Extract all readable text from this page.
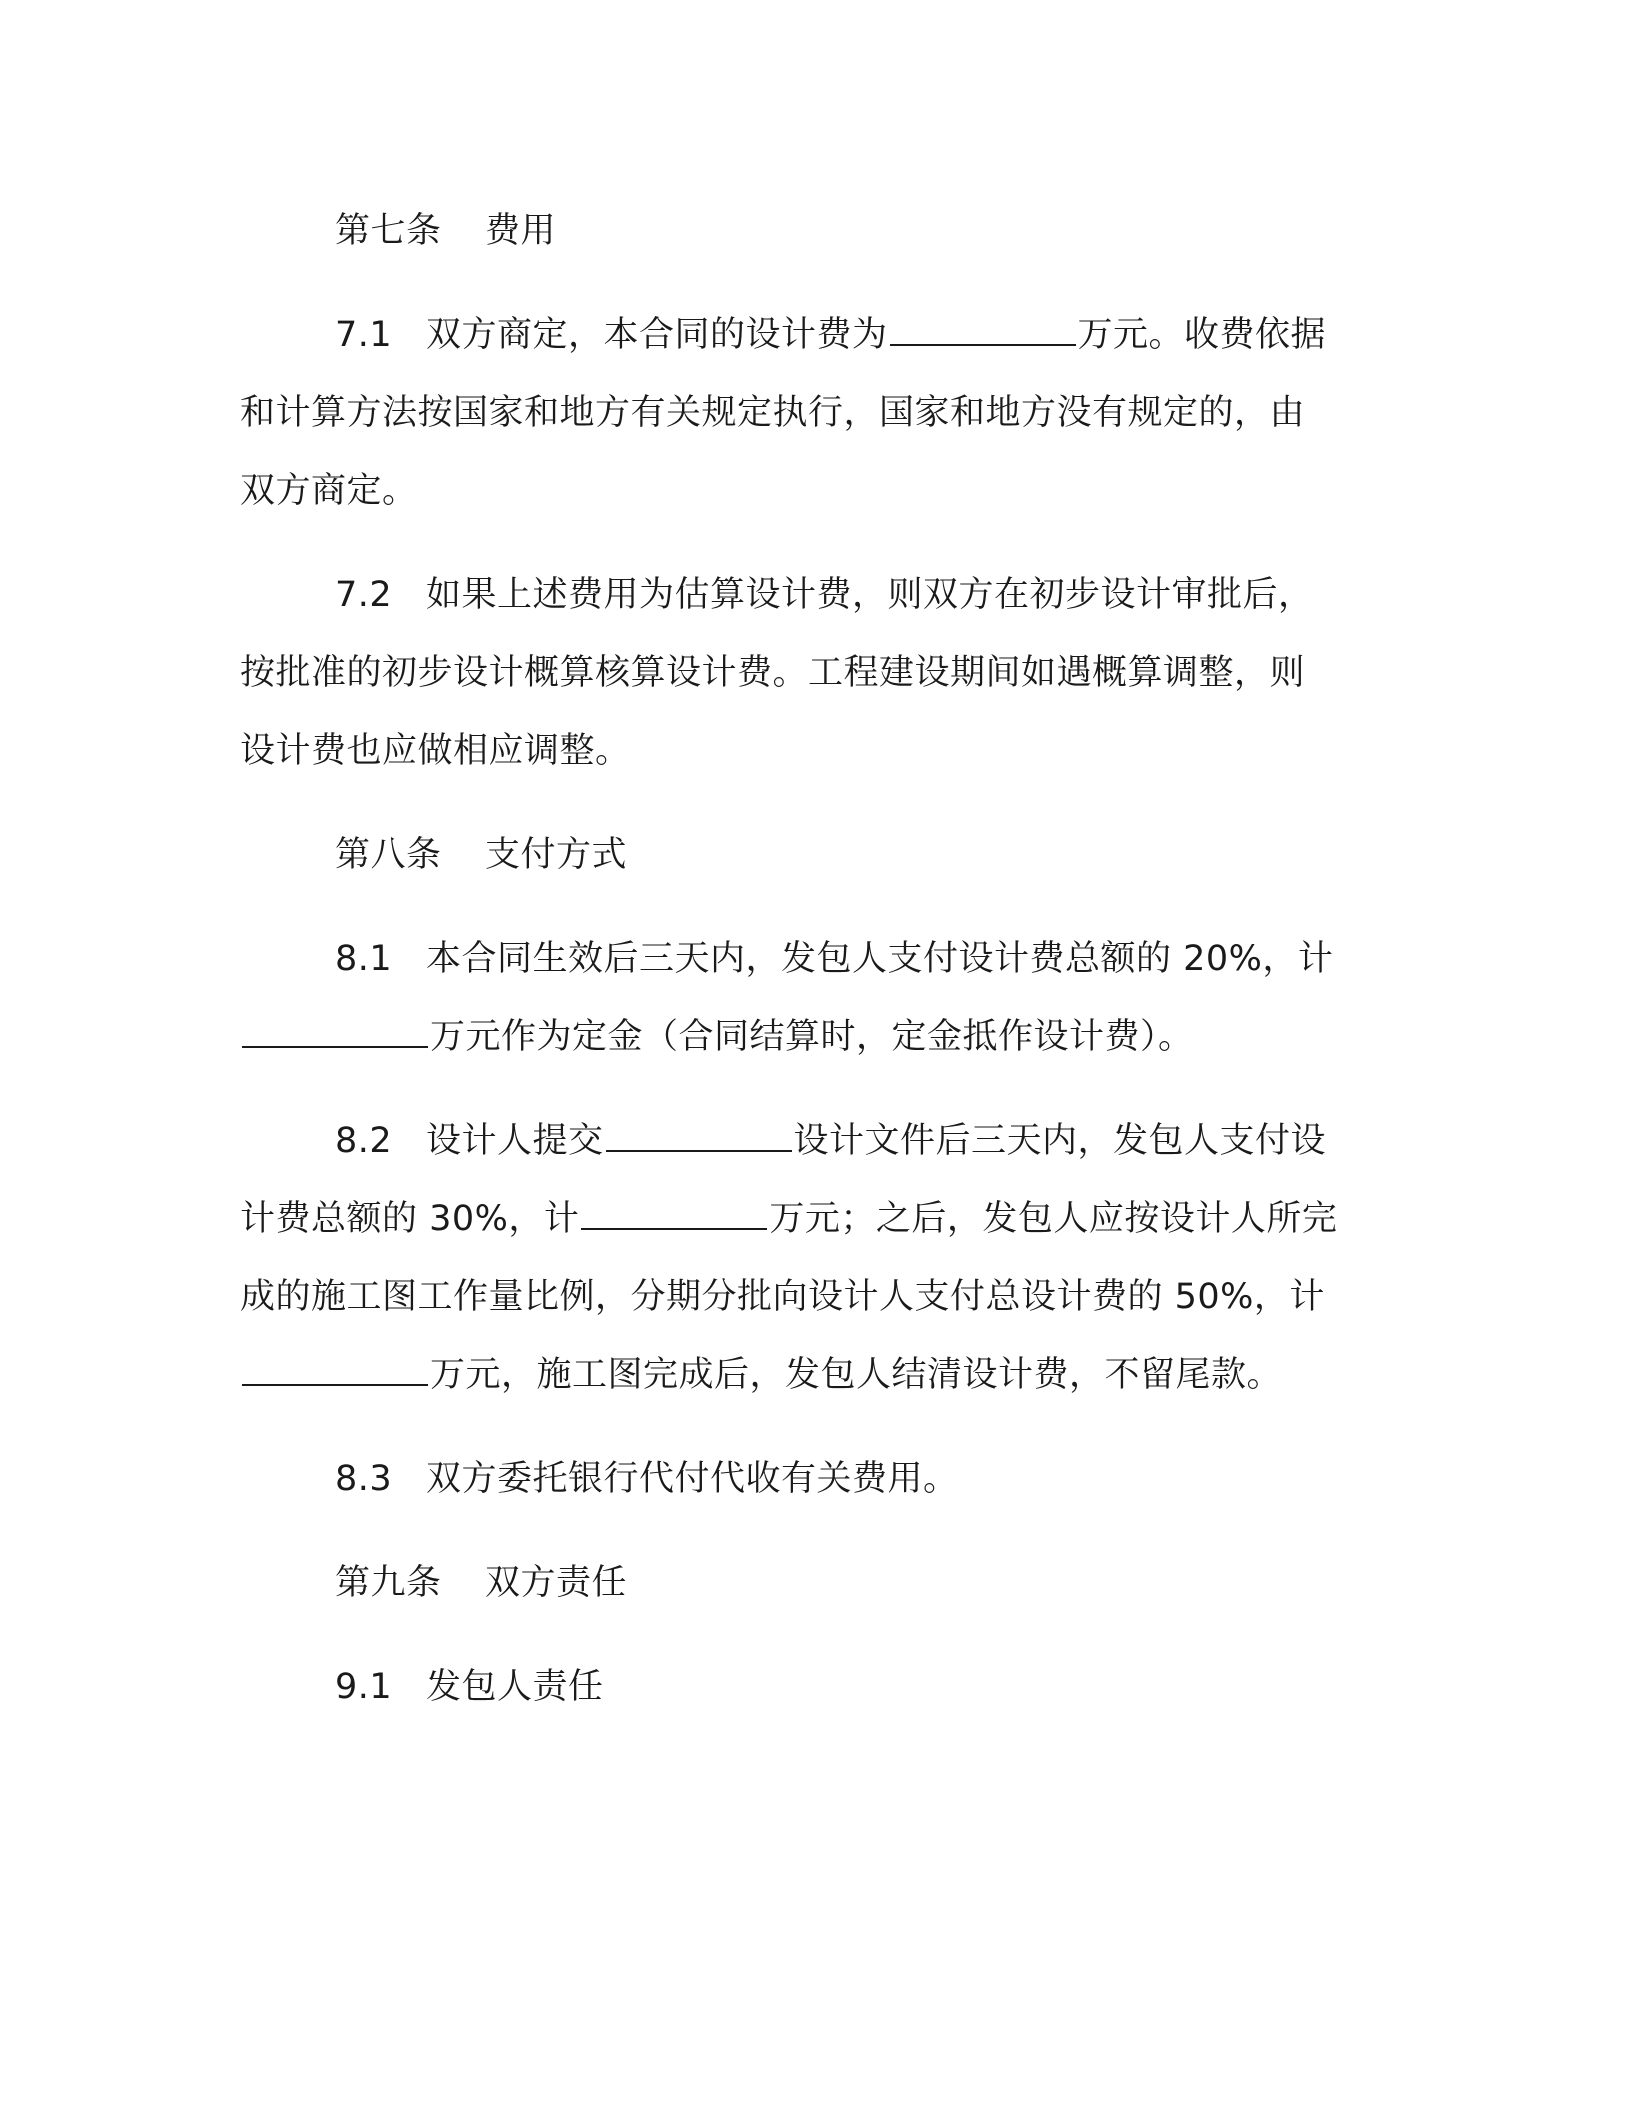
第七条 费用

7.1 双方商定，本合同的设计费为	万元。收费依据

和计算方法按国家和地方有关规定执行，国家和地方没有规定的，由

双方商定。

7.2 如果上述费用为估算设计费，则双方在初步设计审批后，

按批准的初步设计概算核算设计费。工程建设期间如遇概算调整，则

设计费也应做相应调整。

第八条 支付方式

8.1 本合同生效后三天内，发包人支付设计费总额的 20%，计

万元作为定金（合同结算时，定金抵作设计费）。

8.2 设计人提交	设计文件后三天内，发包人支付设

计费总额的 30%，计	万元；之后，发包人应按设计人所完

成的施工图工作量比例，分期分批向设计人支付总设计费的 50%，计

万元，施工图完成后，发包人结清设计费，不留尾款。

8.3 双方委托银行代付代收有关费用。

第九条 双方责任

9.1 发包人责任
